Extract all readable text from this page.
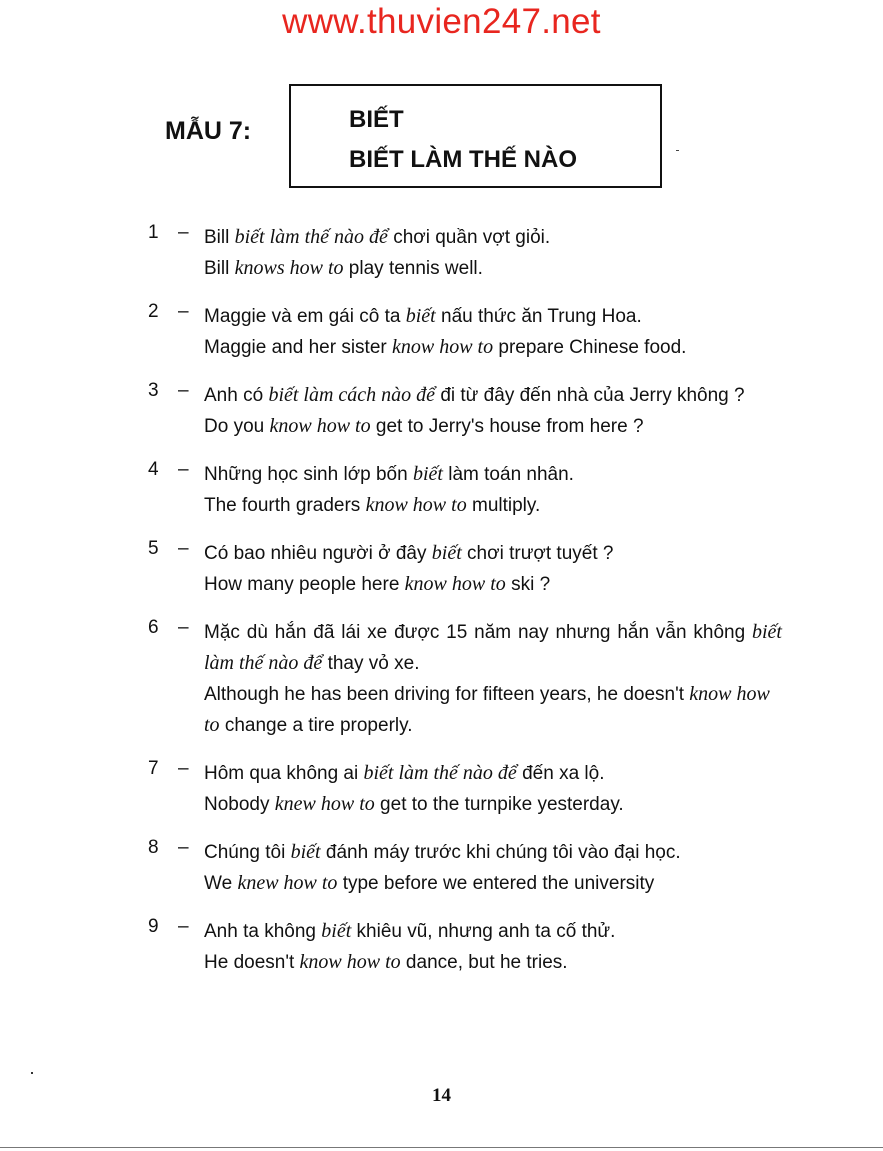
www.thuvien247.net
MẪU 7:	BIẾT
BIẾT LÀM THẾ NÀO
1 – Bill biết làm thế nào để chơi quần vợt giỏi.

Bill knows how to play tennis well.

2 – Maggie và em gái cô ta biết nấu thức ăn Trung Hoa.

Maggie and her sister know how to prepare Chinese food.

3 – Anh có biết làm cách nào để đi từ đây đến nhà của Jerry không ?

Do you know how to get to Jerry's house from here ?

4 – Những học sinh lớp bốn biết làm toán nhân.

The fourth graders know how to multiply.

5 – Có bao nhiêu người ở đây biết chơi trượt tuyết ?

How many people here know how to ski ?

6 – Mặc dù hắn đã lái xe được 15 năm nay nhưng hắn vẫn không biết làm thế nào để thay vỏ xe.

Although he has been driving for fifteen years, he doesn't know how to change a tire properly.

7 – Hôm qua không ai biết làm thế nào để đến xa lộ.

Nobody knew how to get to the turnpike yesterday.

8 – Chúng tôi biết đánh máy trước khi chúng tôi vào đại học.

We knew how to type before we entered the university

9 – Anh ta không biết khiêu vũ, nhưng anh ta cố thử.

He doesn't know how to dance, but he tries.

14
